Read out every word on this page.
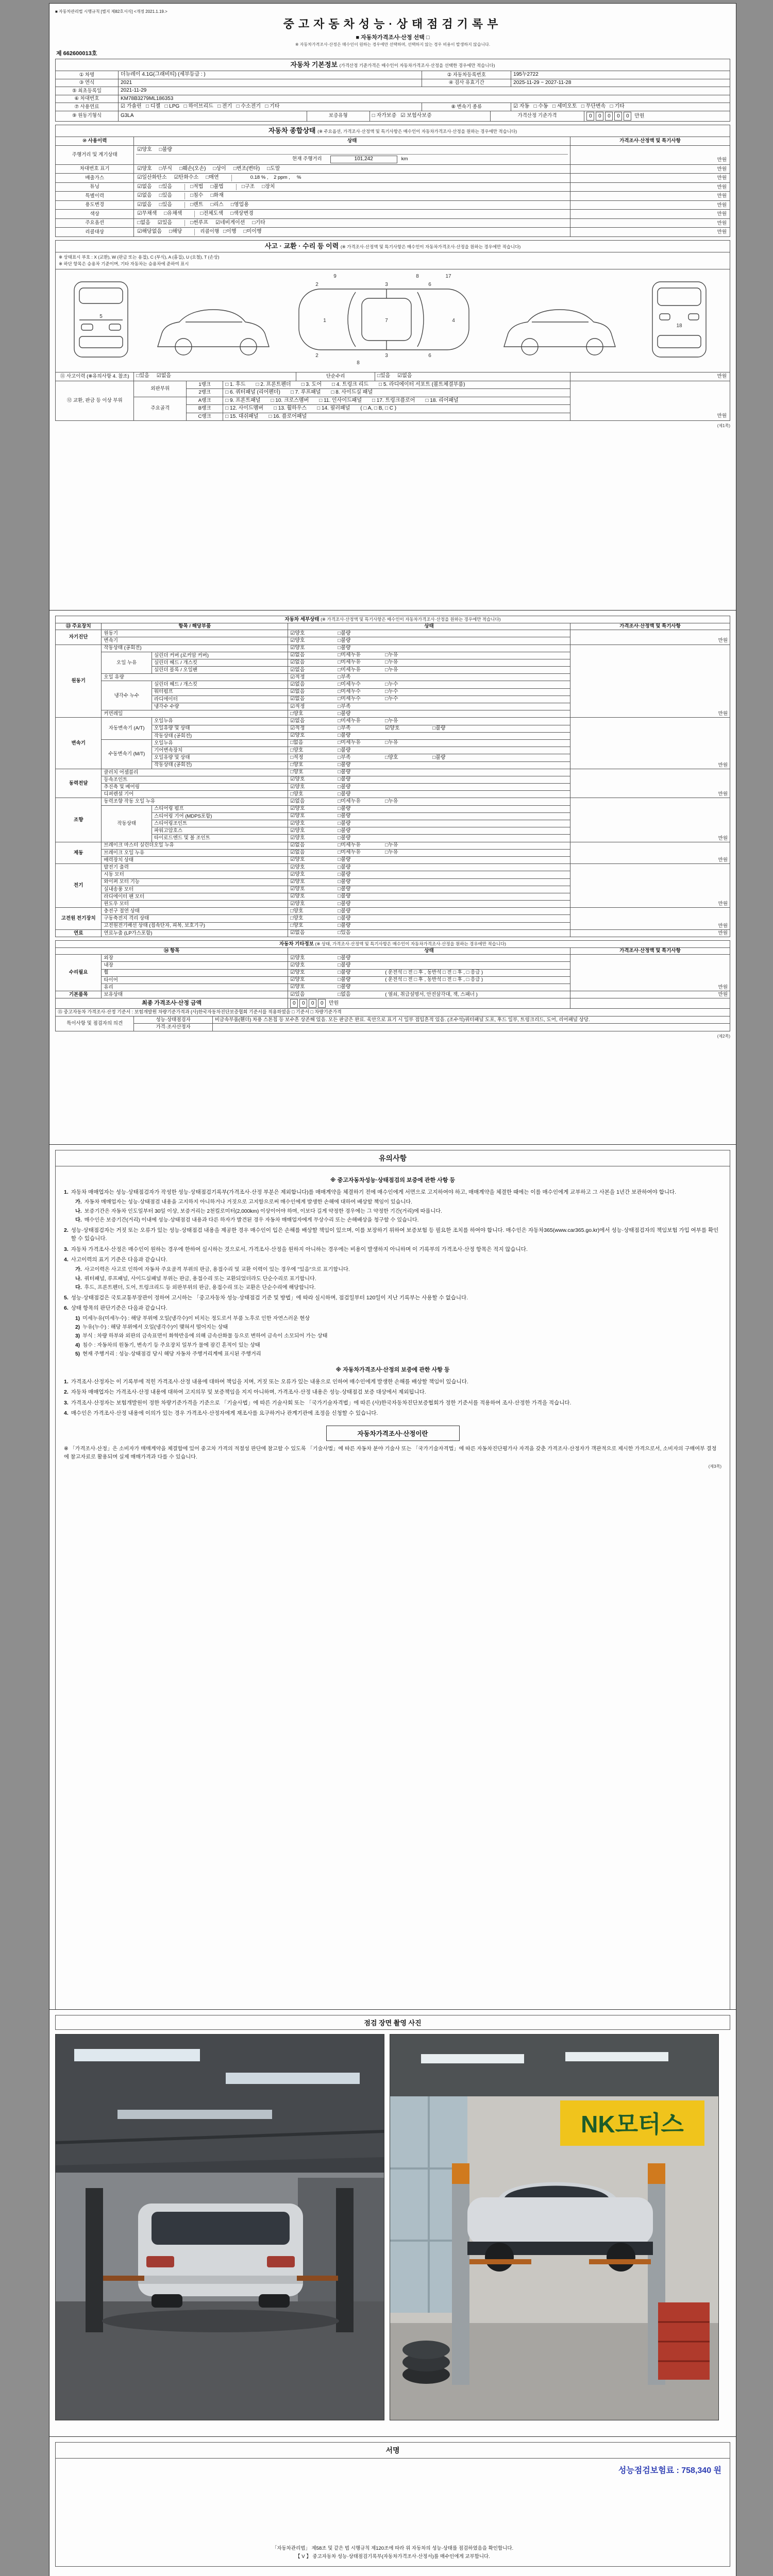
■ 자동차관리법 시행규칙 [별지 제82호서식] <개정 2021.1.19.>
중고자동차성능·상태점검기록부
■ 자동차가격조사·산정 선택 □
※ 자동차가격조사·산정은 매수인이 원하는 경우에만 선택하며, 선택하지 않는 경우 비용이 발생하지 않습니다.
제 662600013호
자동차 기본정보 (가격산정 기준가격은 매수인이 자동차가격조사·산정을 선택한 경우에만 적습니다)
① 차명	더뉴레이 4.1G(그래비티) (세부등급 : )	② 자동차등록번호	195누2722
③ 연식	2021	④ 검사 유효기간	2025-11-29 ~ 2027-11-28
⑤ 최초등록일	2021-11-29
⑥ 차대번호	KM78B3279ML186353
⑦ 사용연료	☑ 가솔린   □ 디젤   □ LPG   □ 하이브리드   □ 전기   □ 수소전기   □ 기타	⑧ 변속기 종류	☑ 자동   □ 수동   □ 세미오토   □ 무단변속   □ 기타
⑨ 원동기형식	G3LA	보증유형	□ 자가보증   ☑ 보험사보증	가격산정 기준가격	0 0 0 0 0 만원
자동차 종합상태 (※ 주요옵션, 가격조사·산정액 및 특기사항은 매수인이 자동차가격조사·산정을 원하는 경우에만 적습니다)		
⑩ 사용이력	상태	가격조사·산정액 및 특기사항
주행거리 및 계기상태	☑양호 □불량
현재 주행거리 101,242 km	만원
차대번호 표기	☑양호 □부식 □훼손(오손) □상이 □변조(변타) □도말	만원
배출가스	☑일산화탄소 ☑탄화수소 □매연 0.18 % ,    2 ppm ,     %	만원
튜닝	☑없음 □있음 □적법 □불법 □구조 □장치	만원
특별이력	☑없음 □있음 □침수 □화재	만원
용도변경	☑없음 □있음 □렌트 □리스 □영업용	만원
색상	☑무채색 □유채색 □전체도색 □색상변경	만원
주요옵션	□없음 ☑있음 □썬루프 ☑네비게이션 □기타	만원
리콜대상	☑해당없음 □해당 리콜이행 □이행 □미이행	만원
사고 · 교환 · 수리 등 이력 (※ 가격조사·산정액 및 특기사항은 매수인이 자동차가격조사·산정을 원하는 경우에만 적습니다)
※ 상태표시 부호 : X (교환), W (판금 또는 용접), C (부식), A (흠집), U (요철), T (손상)
※ 하단 항목은 승용차 기준이며, 기타 자동차는 승용차에 준하여 표시
1
2
2
3
3
4
6
6
7
8
8
5
18
9	17
⑪ 사고이력 (※유의사항 4. 참조)	□있음 ☑없음	단순수리	□있음 ☑없음	만원
⑫ 교환, 판금 등 이상 부위	외판부위	1랭크	□ 1. 후드 □ 2. 프론트펜더 □ 3. 도어 □ 4. 트렁크 리드 □ 5. 라디에이터 서포트 (볼트체결부품)	만원
		2랭크	□ 6. 쿼터패널 (리어펜더) □ 7. 루프패널 □ 8. 사이드실 패널	
	주요골격	A랭크	□ 9. 프론트패널 □ 10. 크로스멤버 □ 11. 인사이드패널 □ 17. 트렁크플로어 □ 18. 리어패널	
		B랭크	□ 12. 사이드멤버 □ 13. 휠하우스 □ 14. 필러패널 ( □ A, □ B, □ C )	
		C랭크	□ 15. 대쉬패널 □ 16. 플로어패널	
(제1쪽)
자동차 세부상태 (※ 가격조사·산정액 및 특기사항은 매수인이 자동차가격조사·산정을 원하는 경우에만 적습니다)				
⑬ 주요장치	항목 / 해당부품		상태	가격조사·산정액 및 특기사항
자기진단	원동기		☑양호 □불량	만원
	변속기		☑양호 □불량	
원동기	작동상태 (공회전)		☑양호 □불량	만원
	오일 누유	실린더 커버 (로커암 커버)	☑없음 □미세누유 □누유	
		실린더 헤드 / 개스킷	☑없음 □미세누유 □누유	
		실린더 블록 / 오일팬	☑없음 □미세누유 □누유	
	오일 유량		☑적정 □부족	
	냉각수 누수	실린더 헤드 / 개스킷	☑없음 □미세누수 □누수	
		워터펌프	☑없음 □미세누수 □누수	
		라디에이터	☑없음 □미세누수 □누수	
		냉각수 수량	☑적정 □부족	
	커먼레일		□양호 □불량	
변속기	자동변속기 (A/T)	오일누유	☑없음 □미세누유 □누유	만원
		오일유량 및 상태	☑적정 □부족 ☑양호 □불량	
		작동상태 (공회전)	☑양호 □불량	
	수동변속기 (M/T)	오일누유	□없음 □미세누유 □누유	
		기어변속장치	□양호 □불량	
		오일유량 및 상태	□적정 □부족 □양호 □불량	
		작동상태 (공회전)	□양호 □불량	
동력전달	클러치 어셈블리		□양호 □불량	만원
	등속조인트		☑양호 □불량	
	추진축 및 베어링		☑양호 □불량	
	디퍼렌셜 기어		□양호 □불량	
조향	동력조향 작동 오일 누유		☑없음 □미세누유 □누유	만원
	작동상태	스티어링 펌프	☑양호 □불량	
		스티어링 기어 (MDPS포함)	☑양호 □불량	
		스티어링조인트	☑양호 □불량	
		파워고압호스	☑양호 □불량	
		타이로드엔드 및 볼 조인트	☑양호 □불량	
제동	브레이크 마스터 실린더오일 누유		☑없음 □미세누유 □누유	만원
	브레이크 오일 누유		☑없음 □미세누유 □누유	
	배력장치 상태		☑양호 □불량	
전기	발전기 출력		☑양호 □불량	만원
	시동 모터		☑양호 □불량	
	와이퍼 모터 기능		☑양호 □불량	
	실내송풍 모터		☑양호 □불량	
	라디에이터 팬 모터		☑양호 □불량	
	윈도우 모터		☑양호 □불량	
고전원 전기장치	충전구 절연 상태		□양호 □불량	만원
	구동축전지 격리 상태		□양호 □불량	
	고전원전기배선 상태 (접속단자, 피복, 보호기구)		□양호 □불량	
연료	연료누출 (LP가스포함)		☑없음 □있음	만원
자동차 기타정보 (※ 상태, 가격조사·산정액 및 특기사항은 매수인이 자동차가격조사·산정을 원하는 경우에만 적습니다)			
⑭ 항목		상태	가격조사·산정액 및 특기사항
수리필요	외장	☑양호 □불량	만원
	내장	☑양호 □불량	
	휠	☑양호 □불량 ( 운전석 □ 전 □ 후 , 동반석 □ 전 □ 후 , □ 응급 )	
	타이어	☑양호 □불량 ( 운전석 □ 전 □ 후 , 동반석 □ 전 □ 후 , □ 응급 )	
	유리	☑양호 □불량	
기본품목	보유상태	☑있음 □없음 ( 열쇠, 취급설명서, 안전삼각대, 잭, 스패너 )	만원
최종 가격조사·산정 금액	0 0 0 0 만원	
⑮ 중고자동차 가격조사·산정 기준서 : 보험개발원 차량기준가격과 (사)한국자동차진단보증협회 기준서를 적용하였음 □ 기준서 □ 차량기준가격
특이사항 및 점검자의 의견	성능·상태점검자	비금속부품(휀더) 차용 스톤칩 등 보수흔 상존해 있음. 모든 판금은 완료. 육안으로 표기 시 일부 접입흔적 있음. (조수석)쿼터패널 도포, 후드 일부, 트렁크리드, 도어, 리어패널 상당.
	가격·조사산정자	
(제2쪽)
유의사항
※ 중고자동차성능·상태점검의 보증에 관한 사항 등
1. 자동차 매매업자는 성능·상태점검자가 작성한 성능·상태점검기록부(가격조사·산정 부분은 제외합니다)를 매매계약을 체결하기 전에 매수인에게 서면으로 고지하여야 하고, 매매계약을 체결한 때에는 이를 매수인에게 교부하고 그 사본을 1년간 보관하여야 합니다.
가. 자동차 매매업자는 성능·상태점검 내용을 고지하지 아니하거나 거짓으로 고지함으로써 매수인에게 발생한 손해에 대하여 배상할 책임이 있습니다.
나. 보증기간은 자동차 인도일부터 30일 이상, 보증거리는 2천킬로미터(2,000km) 이상이어야 하며, 이보다 길게 약정한 경우에는 그 약정한 기간(거리)에 따릅니다.
다. 매수인은 보증기간(거리) 이내에 성능·상태점검 내용과 다른 하자가 발견된 경우 자동차 매매업자에게 무상수리 또는 손해배상을 청구할 수 있습니다.
2. 성능·상태점검자는 거짓 또는 오류가 있는 성능·상태점검 내용을 제공한 경우 매수인이 입은 손해를 배상할 책임이 있으며, 이를 보장하기 위하여 보증보험 등 필요한 조치를 하여야 합니다. 매수인은 자동차365(www.car365.go.kr)에서 성능·상태점검자의 책임보험 가입 여부를 확인할 수 있습니다.
3. 자동차 가격조사·산정은 매수인이 원하는 경우에 한하여 실시하는 것으로서, 가격조사·산정을 원하지 아니하는 경우에는 비용이 발생하지 아니하며 이 기록부의 가격조사·산정 항목은 적지 않습니다.
4. 사고이력의 표기 기준은 다음과 같습니다.
가. 사고이력은 사고로 인하여 자동차 주요골격 부위의 판금, 용접수리 및 교환 이력이 있는 경우에 "있음"으로 표기합니다.
나. 쿼터패널, 루프패널, 사이드실패널 부위는 판금, 용접수리 또는 교환되었더라도 단순수리로 표기합니다.
다. 후드, 프론트펜더, 도어, 트렁크리드 등 외판부위의 판금, 용접수리 또는 교환은 단순수리에 해당합니다.
5. 성능·상태점검은 국토교통부장관이 정하여 고시하는 「중고자동차 성능·상태점검 기준 및 방법」에 따라 실시하며, 점검일부터 120일이 지난 기록부는 사용할 수 없습니다.
6. 상태 항목의 판단기준은 다음과 같습니다.
1) 미세누유(미세누수) : 해당 부위에 오일(냉각수)이 비치는 정도로서 부품 노후로 인한 자연스러운 현상
2) 누유(누수) : 해당 부위에서 오일(냉각수)이 맺혀서 떨어지는 상태
3) 부식 : 차량 하부와 외판의 금속표면이 화학반응에 의해 금속산화물 등으로 변하여 금속이 소모되어 가는 상태
4) 침수 : 자동차의 원동기, 변속기 등 주요장치 일부가 물에 잠긴 흔적이 있는 상태
5) 현재 주행거리 : 성능·상태점검 당시 해당 자동차 주행거리계에 표시된 주행거리
※ 자동차가격조사·산정의 보증에 관한 사항 등
1. 가격조사·산정자는 이 기록부에 적힌 가격조사·산정 내용에 대하여 책임을 지며, 거짓 또는 오류가 있는 내용으로 인하여 매수인에게 발생한 손해를 배상할 책임이 있습니다.
2. 자동차 매매업자는 가격조사·산정 내용에 대하여 고지의무 및 보증책임을 지지 아니하며, 가격조사·산정 내용은 성능·상태점검 보증 대상에서 제외됩니다.
3. 가격조사·산정자는 보험개발원이 정한 차량기준가격을 기준으로 「기술사법」에 따른 기술사회 또는 「국가기술자격법」에 따른 (사)한국자동차진단보증협회가 정한 기준서를 적용하여 조사·산정한 가격을 적습니다.
4. 매수인은 가격조사·산정 내용에 이의가 있는 경우 가격조사·산정자에게 재조사를 요구하거나 관계기관에 조정을 신청할 수 있습니다.
자동차가격조사·산정이란
※ 「가격조사·산정」은 소비자가 매매계약을 체결함에 있어 중고차 가격의 적절성 판단에 참고할 수 있도록 「기술사법」에 따른 자동차 분야 기술사 또는 「국가기술자격법」에 따른 자동차진단평가사 자격을 갖춘 가격조사·산정자가 객관적으로 제시한 가격으로서, 소비자의 구매여부 결정에 참고자료로 활용되며 실제 매매가격과 다를 수 있습니다.
(제3쪽)
점검 장면 촬영 사진
NK모터스
서명
성능점검보험료 : 758,340 원
「자동차관리법」 제58조 및 같은 법 시행규칙 제120조에 따라 위 자동차의 성능·상태를 점검하였음을 확인합니다.
【 V 】 중고자동차 성능·상태점검기록부(자동차가격조사·산정서)를 매수인에게 교부합니다.
